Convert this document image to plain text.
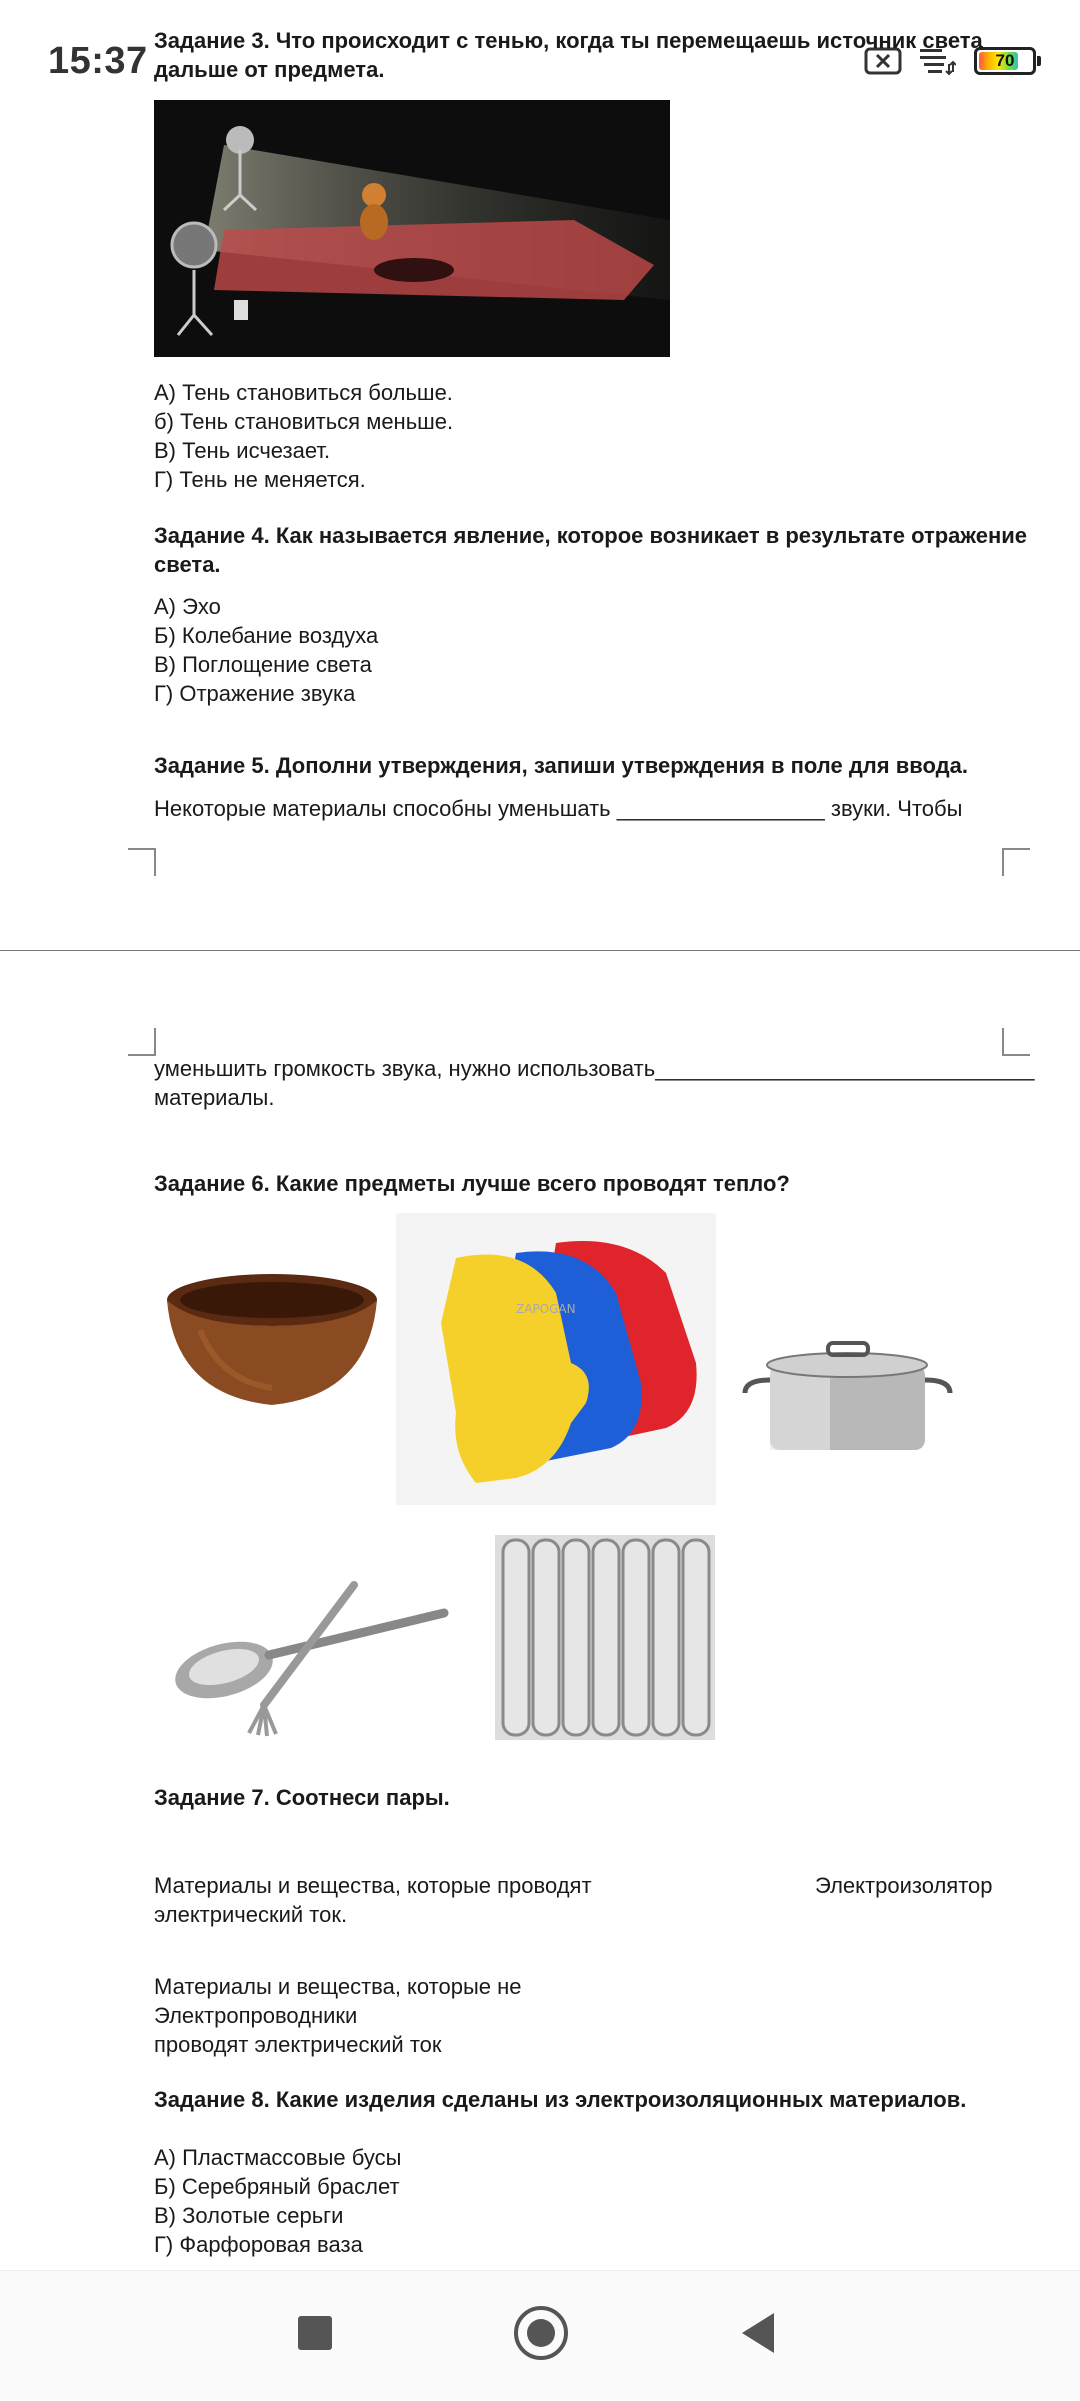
15:37	70
Задание 3. Что происходит с тенью, когда ты перемещаешь источник света
дальше от предмета.
А) Тень становиться больше.
б) Тень становиться меньше.
В) Тень исчезает.
Г) Тень не меняется.
Задание 4. Как называется явление, которое возникает в результате отражение
света.
А) Эхо
Б) Колебание воздуха
В) Поглощение света
Г) Отражение звука
Задание 5. Дополни утверждения, запиши утверждения в поле для ввода.
Некоторые материалы способны уменьшать _________________ звуки. Чтобы
уменьшить громкость звука, нужно использовать_______________________________
материалы.
Задание 6. Какие предметы лучше всего проводят тепло?
ZAPOGAN
Задание 7. Соотнеси пары.
Материалы и вещества, которые проводят	Электроизолятор
электрический ток.
Материалы и вещества, которые не
Электропроводники
проводят электрический ток
Задание 8. Какие изделия сделаны из электроизоляционных материалов.
А) Пластмассовые бусы
Б) Серебряный браслет
В) Золотые серьги
Г) Фарфоровая ваза
